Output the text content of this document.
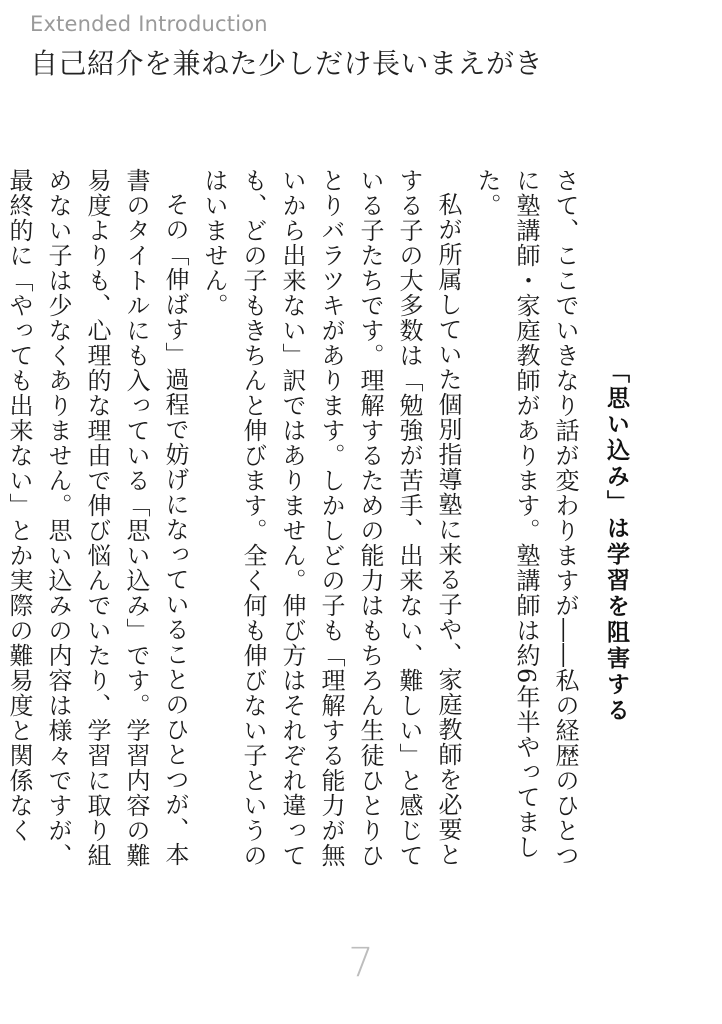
Extended Introduction
自己紹介を兼ねた少しだけ長いまえがき
「思い込み」は学習を阻害する

さて、ここでいきなり話が変わりますが――私の経歴のひとつに塾講師・家庭教師があります。塾講師は約6年半やってました。

私が所属していた個別指導塾に来る子や、家庭教師を必要とする子の大多数は「勉強が苦手、出来ない、難しい」と感じている子たちです。理解するための能力はもちろん生徒ひとりひとりバラツキがあります。しかしどの子も「理解する能力が無いから出来ない」訳ではありません。伸び方はそれぞれ違っても、どの子もきちんと伸びます。全く何も伸びない子というのはいません。

その「伸ばす」過程で妨げになっていることのひとつが、本書のタイトルにも入っている「思い込み」です。学習内容の難易度よりも、心理的な理由で伸び悩んでいたり、学習に取り組めない子は少なくありません。思い込みの内容は様々ですが、最終的に「やっても出来ない」とか実際の難易度と関係なく

7
